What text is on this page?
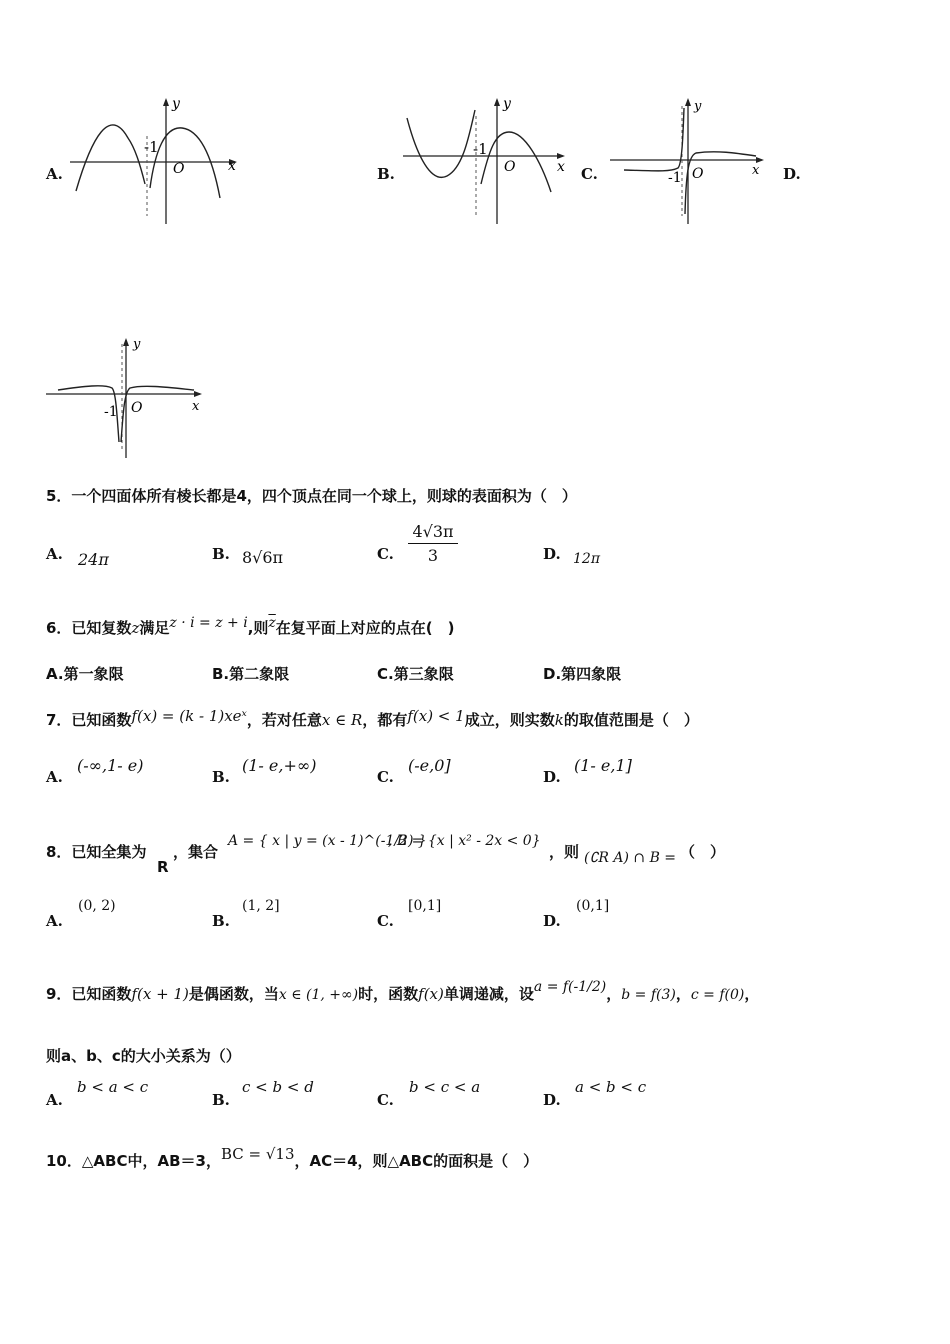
A.
-1
O
y
x	B.
-1
O
y
x C.	-1 O
y
x D.
-1 O
y
x
5．一个四面体所有棱长都是4，四个顶点在同一个球上，则球的表面积为（　）
A. 24π	B. 8√6π	C. $\frac{4√3\pi}{3}$	D. 12π
6．已知复数z满足z · i = z + i,则$\overline{z}$在复平面上对应的点在(　)
A.第一象限	B.第二象限	C.第三象限	D.第四象限
7．已知函数f(x) = (k - 1)xeˣ，若对任意x ∈ R，都有f(x) < 1成立，则实数k的取值范围是（　）
A.
(-∞,1- e)
B.
(1- e,+∞)
C.
(-e,0]
D.
(1- e,1]
8．已知全集为
R
，集合
A = { x | y = (x - 1)^(-1/2) }
, B = {x | x² - 2x < 0}
，则 (∁R A) ∩ B = （　）
A.
(0, 2)
B.
(1, 2]
C.
[0,1]
D.
(0,1]
9．已知函数f(x + 1)是偶函数，当x ∈ (1, +∞)时，函数f(x)单调递减，设a = f(-1/2)，b = f(3)，c = f(0)，
则a、b、c的大小关系为（）
A.
b < a < c
B.
c < b < d
C.
b < c < a
D.
a < b < c
10．△ABC中，AB＝3，BC = √13，AC＝4，则△ABC的面积是（　）
